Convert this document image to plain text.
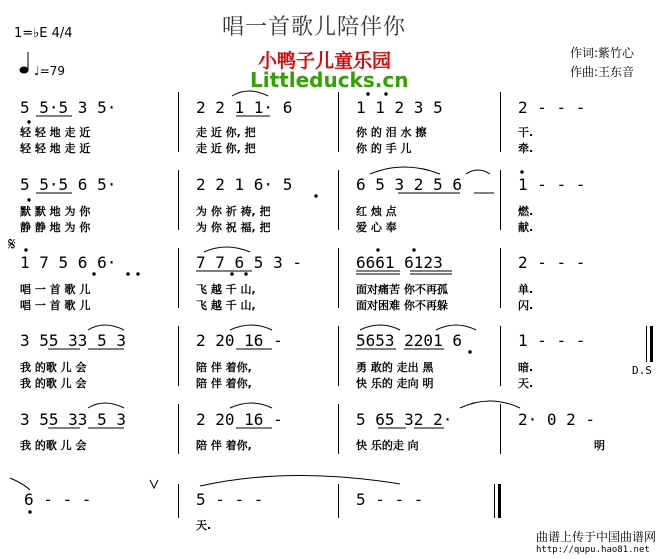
唱一首歌儿陪伴你
1=♭E 4/4
♩=79
作词:紫竹心
作曲:王东音
小鸭子儿童乐园
Littleducks.cn
𝄋
D.S
5 5·5 3 5·	2 2 1 1· 6	1 1 2 3 5	2 - - -
轻 轻 地 走 近	走 近 你, 把	你 的 泪 水 擦	干.
轻 轻 地 走 近	走 近 你, 把	你 的 手 儿	牵.
5 5·5 6 5·	2 2 1 6· 5	6 5 3 2 5 6	1 - - -
默 默 地 为 你	为 你 祈 祷, 把	红 烛 点	燃.
静 静 地 为 你	为 你 祝 福, 把	爱 心 奉	献.
1 7 5 6 6·	7 7 6 5 3 -	6661 6123	2 - - -
唱 一 首 歌 儿	飞 越 千 山,	面对痛苦 你不再孤	单.
唱 一 首 歌 儿	飞 越 千 山,	面对困难 你不再躲	闪.
3 55 33 5 3	2 20 16 -	5653 2201 6	1 - - -
我 的歌 儿 会	陪 伴 着你,	勇 敢的 走出 黑	暗.
我 的歌 儿 会	陪 伴 着你,	快 乐的 走向 明	天.
3 55 33 5 3	2 20 16 -	5 65 32 2·	2· 0 2 -
我 的歌 儿 会	陪 伴 着你,	快 乐的走 向	明
6 - - -	5 - - -	5 - - -
天.
曲谱上传于中国曲谱网
http://qupu.hao81.net
